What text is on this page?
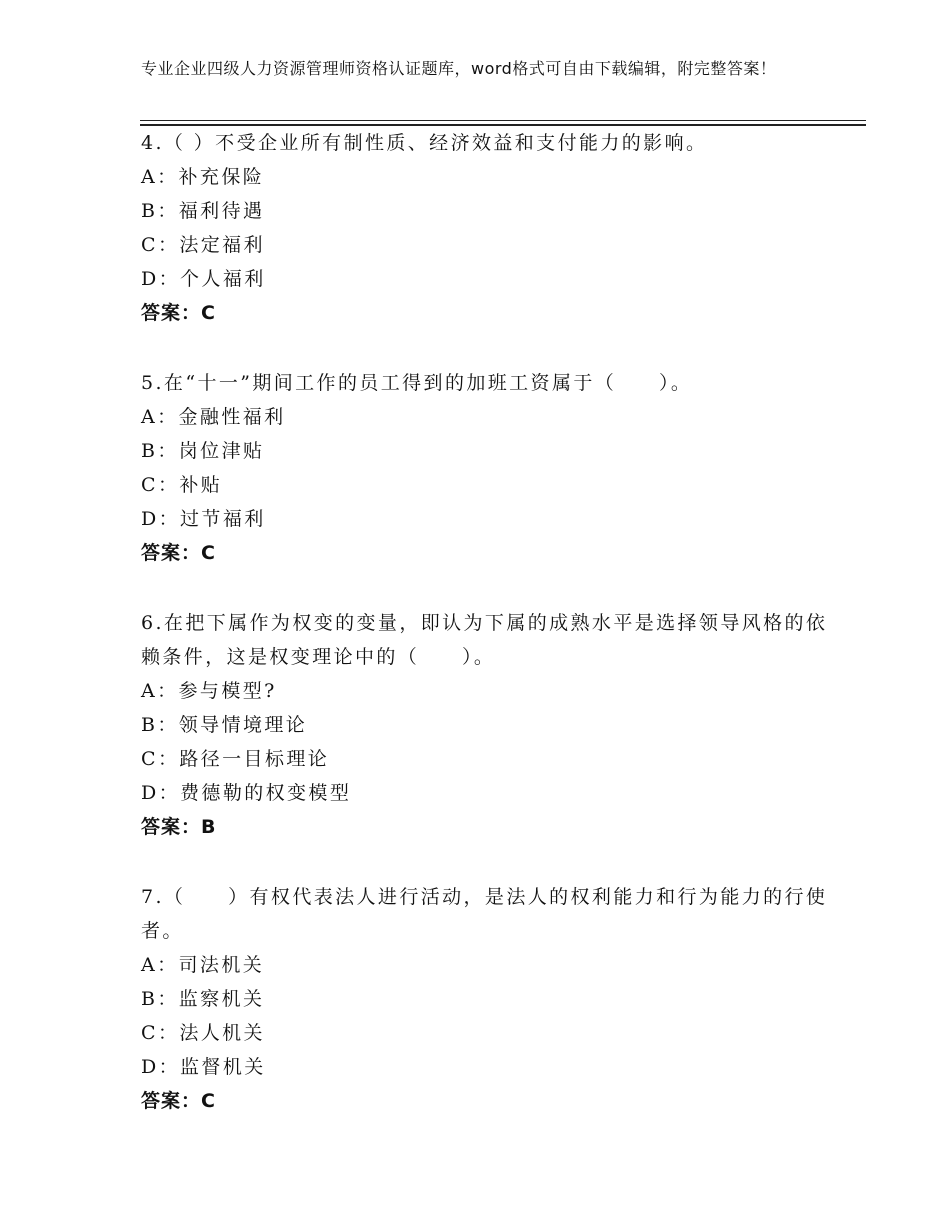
专业企业四级人力资源管理师资格认证题库，word格式可自由下载编辑，附完整答案！
4.（ ）不受企业所有制性质、经济效益和支付能力的影响。
A：补充保险
B：福利待遇
C：法定福利
D：个人福利
答案：C
5.在“十一”期间工作的员工得到的加班工资属于（　　）。
A：金融性福利
B：岗位津贴
C：补贴
D：过节福利
答案：C
6.在把下属作为权变的变量，即认为下属的成熟水平是选择领导风格的依赖条件，这是权变理论中的（　　）。
A：参与模型?
B：领导情境理论
C：路径一目标理论
D：费德勒的权变模型
答案：B
7.（　　）有权代表法人进行活动，是法人的权利能力和行为能力的行使者。
A：司法机关
B：监察机关
C：法人机关
D：监督机关
答案：C
